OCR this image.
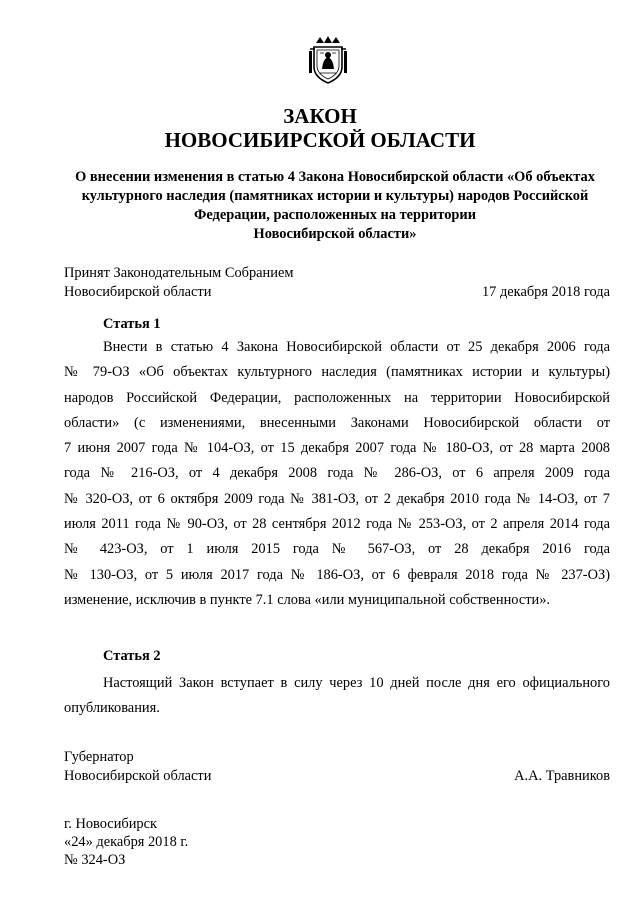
ЗАКОН
НОВОСИБИРСКОЙ ОБЛАСТИ
О внесении изменения в статью 4 Закона Новосибирской области «Об объектах
культурного наследия (памятниках истории и культуры) народов Российской
Федерации, расположенных на территории
Новосибирской области»
Принят Законодательным Собранием
Новосибирской области	17 декабря 2018 года
Статья 1
Внести в статью 4 Закона Новосибирской области от 25 декабря 2006 года
№ 79-ОЗ «Об объектах культурного наследия (памятниках истории и культуры)
народов Российской Федерации, расположенных на территории Новосибирской
области» (с изменениями, внесенными Законами Новосибирской области от
7 июня 2007 года № 104-ОЗ, от 15 декабря 2007 года № 180-ОЗ, от 28 марта 2008
года № 216-ОЗ, от 4 декабря 2008 года № 286-ОЗ, от 6 апреля 2009 года
№ 320-ОЗ, от 6 октября 2009 года № 381-ОЗ, от 2 декабря 2010 года № 14-ОЗ, от 7
июля 2011 года № 90-ОЗ, от 28 сентября 2012 года № 253-ОЗ, от 2 апреля 2014 года
№ 423-ОЗ, от 1 июля 2015 года № 567-ОЗ, от 28 декабря 2016 года
№ 130-ОЗ, от 5 июля 2017 года № 186-ОЗ, от 6 февраля 2018 года № 237-ОЗ)
изменение, исключив в пункте 7.1 слова «или муниципальной собственности».
Статья 2
Настоящий Закон вступает в силу через 10 дней после дня его официального
опубликования.
Губернатор
Новосибирской области	А.А. Травников
г. Новосибирск
«24» декабря 2018 г.
№ 324-ОЗ
